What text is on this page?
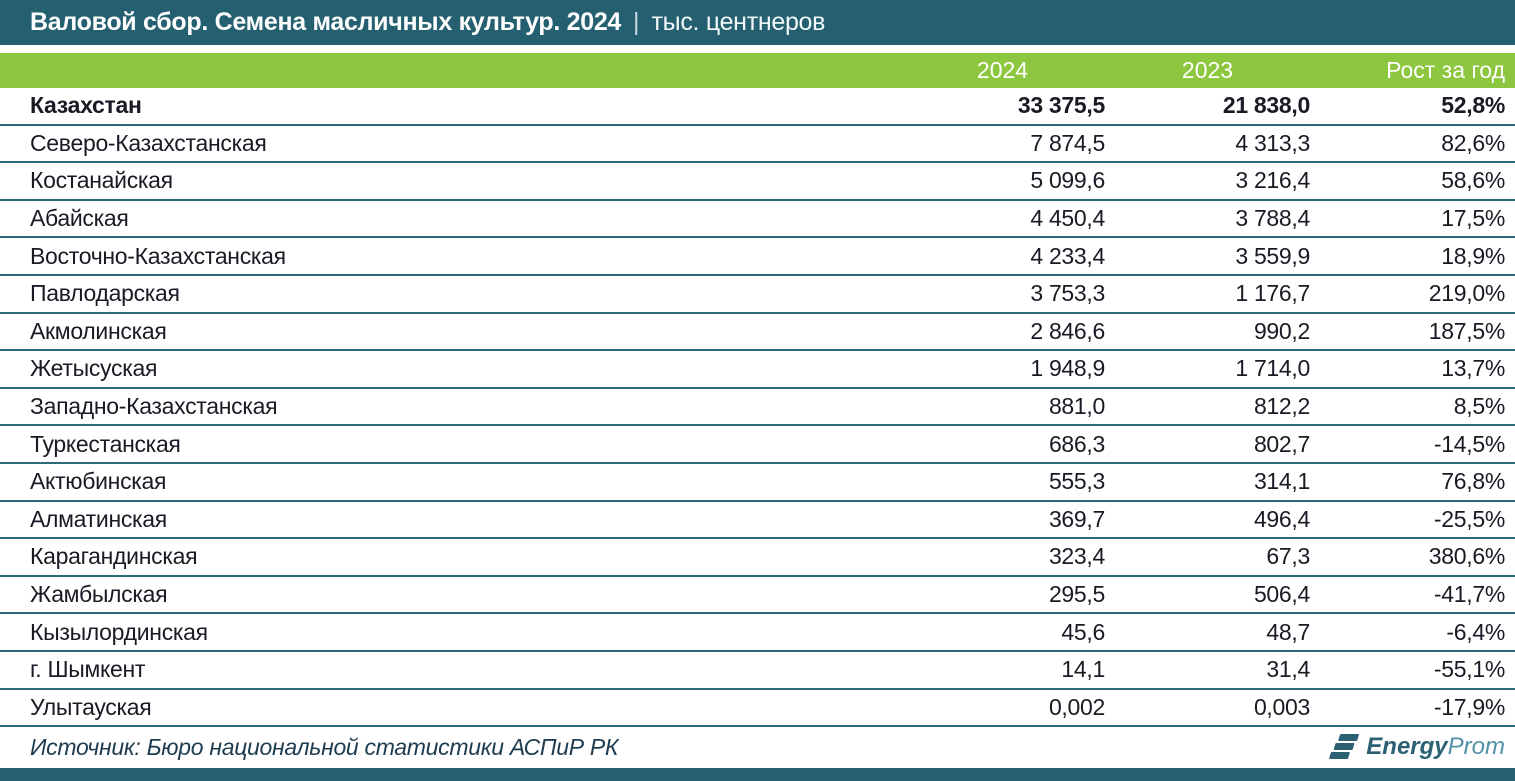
Валовой сбор. Семена масличных культур. 2024 | тыс. центнеров
2024	2023	Рост за год
Казахстан	33 375,5	21 838,0	52,8%
Северо-Казахстанская	7 874,5	4 313,3	82,6%
Костанайская	5 099,6	3 216,4	58,6%
Абайская	4 450,4	3 788,4	17,5%
Восточно-Казахстанская	4 233,4	3 559,9	18,9%
Павлодарская	3 753,3	1 176,7	219,0%
Акмолинская	2 846,6	990,2	187,5%
Жетысуская	1 948,9	1 714,0	13,7%
Западно-Казахстанская	881,0	812,2	8,5%
Туркестанская	686,3	802,7	-14,5%
Актюбинская	555,3	314,1	76,8%
Алматинская	369,7	496,4	-25,5%
Карагандинская	323,4	67,3	380,6%
Жамбылская	295,5	506,4	-41,7%
Кызылординская	45,6	48,7	-6,4%
г. Шымкент	14,1	31,4	-55,1%
Улытауская	0,002	0,003	-17,9%
Источник: Бюро национальной статистики АСПиР РК	EnergyProm
